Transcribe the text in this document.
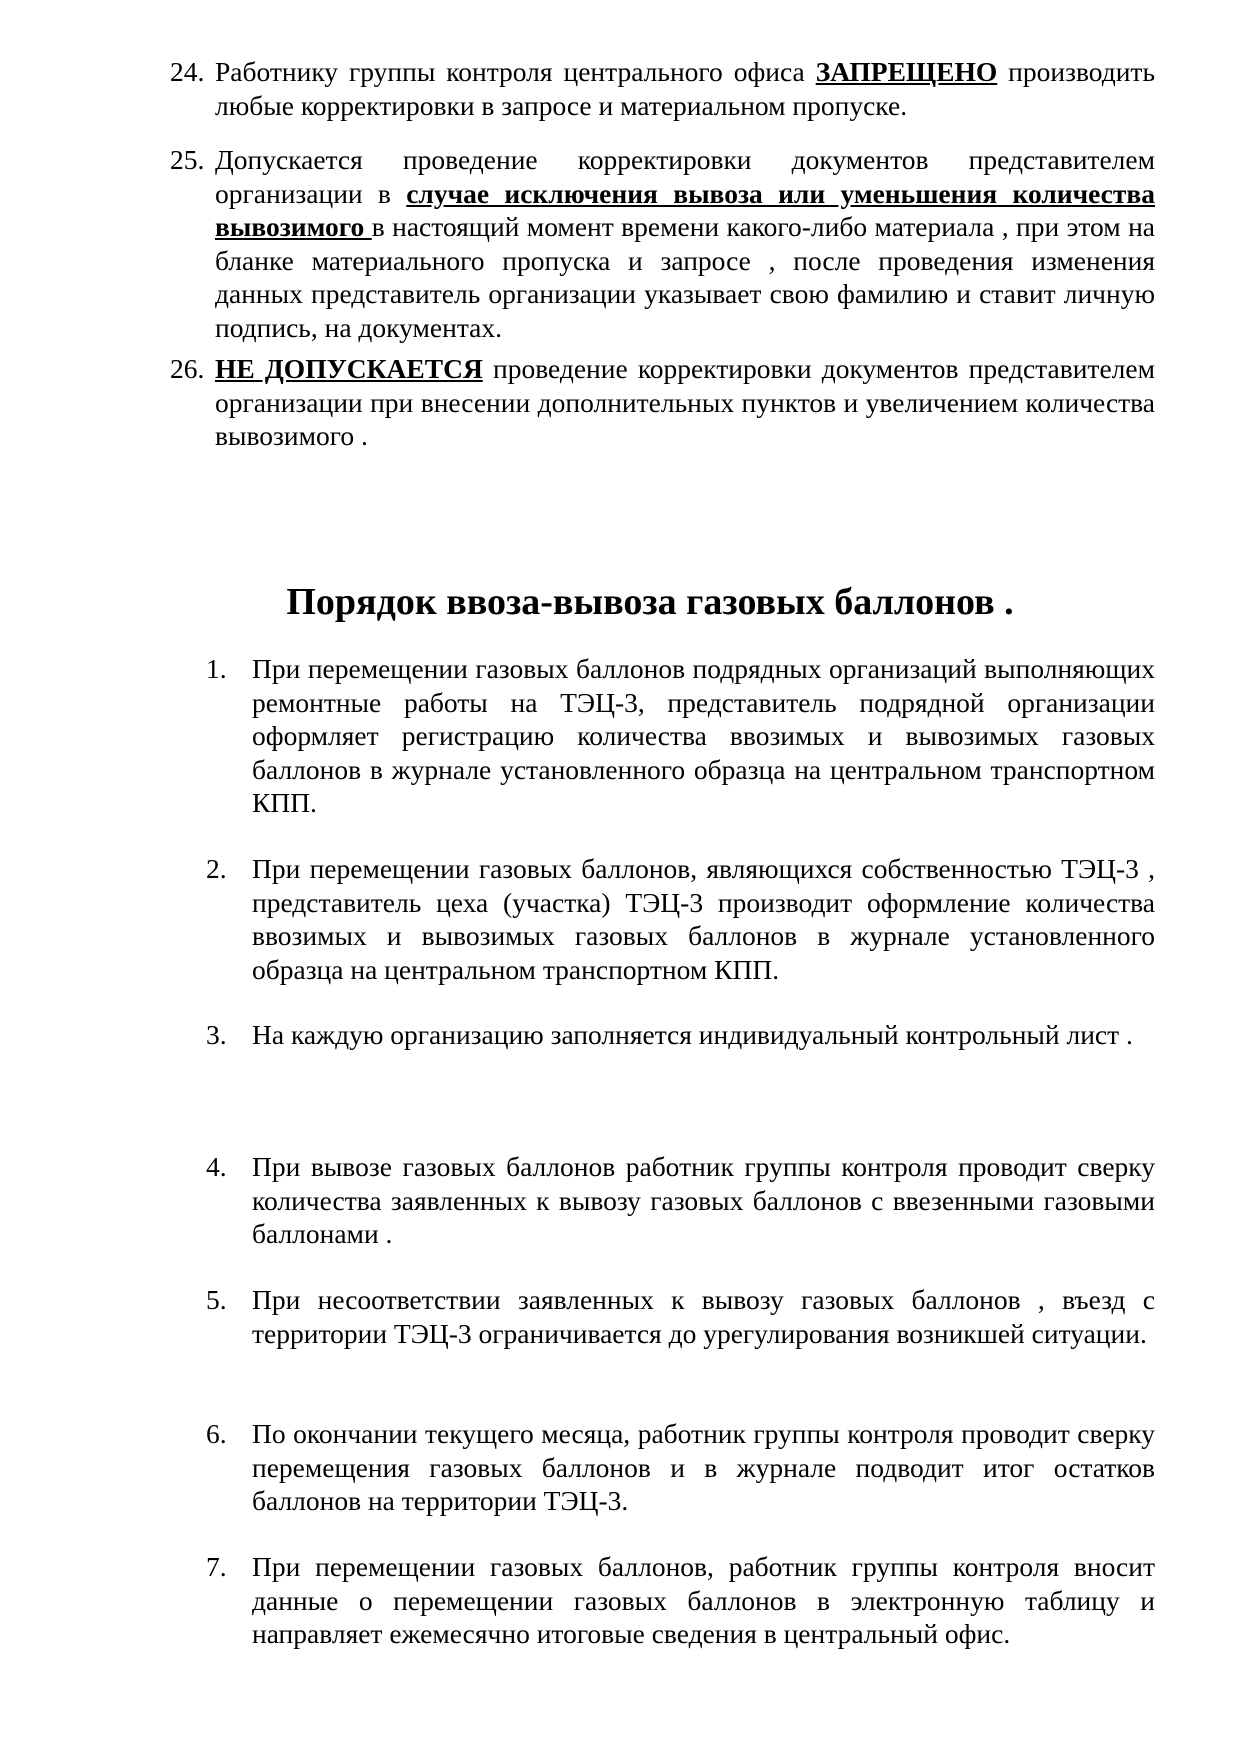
24. Работнику группы контроля центрального офиса ЗАПРЕЩЕНО производить любые корректировки в запросе и материальном пропуске.
25. Допускается проведение корректировки документов представителем организации в случае исключения вывоза или уменьшения количества вывозимого в настоящий момент времени какого-либо материала , при этом на бланке материального пропуска и запросе , после проведения изменения данных представитель организации указывает свою фамилию и ставит личную подпись, на документах.
26. НЕ ДОПУСКАЕТСЯ проведение корректировки документов представителем организации при внесении дополнительных пунктов и увеличением количества вывозимого .
Порядок ввоза-вывоза газовых баллонов .
1. При перемещении газовых баллонов подрядных организаций выполняющих ремонтные работы на ТЭЦ-3, представитель подрядной организации оформляет регистрацию количества ввозимых и вывозимых газовых баллонов в журнале установленного образца на центральном транспортном КПП.
2. При перемещении газовых баллонов, являющихся собственностью ТЭЦ-3 , представитель цеха (участка) ТЭЦ-3 производит оформление количества ввозимых и вывозимых газовых баллонов в журнале установленного образца на центральном транспортном КПП.
3. На каждую организацию заполняется индивидуальный контрольный лист .
4. При вывозе газовых баллонов работник группы контроля проводит сверку количества заявленных к вывозу газовых баллонов с ввезенными газовыми баллонами .
5. При несоответствии заявленных к вывозу газовых баллонов , въезд с территории ТЭЦ-3 ограничивается до урегулирования возникшей ситуации.
6. По окончании текущего месяца, работник группы контроля проводит сверку перемещения газовых баллонов и в журнале подводит итог остатков баллонов на территории ТЭЦ-3.
7. При перемещении газовых баллонов, работник группы контроля вносит данные о перемещении газовых баллонов в электронную таблицу и направляет ежемесячно итоговые сведения в центральный офис.
